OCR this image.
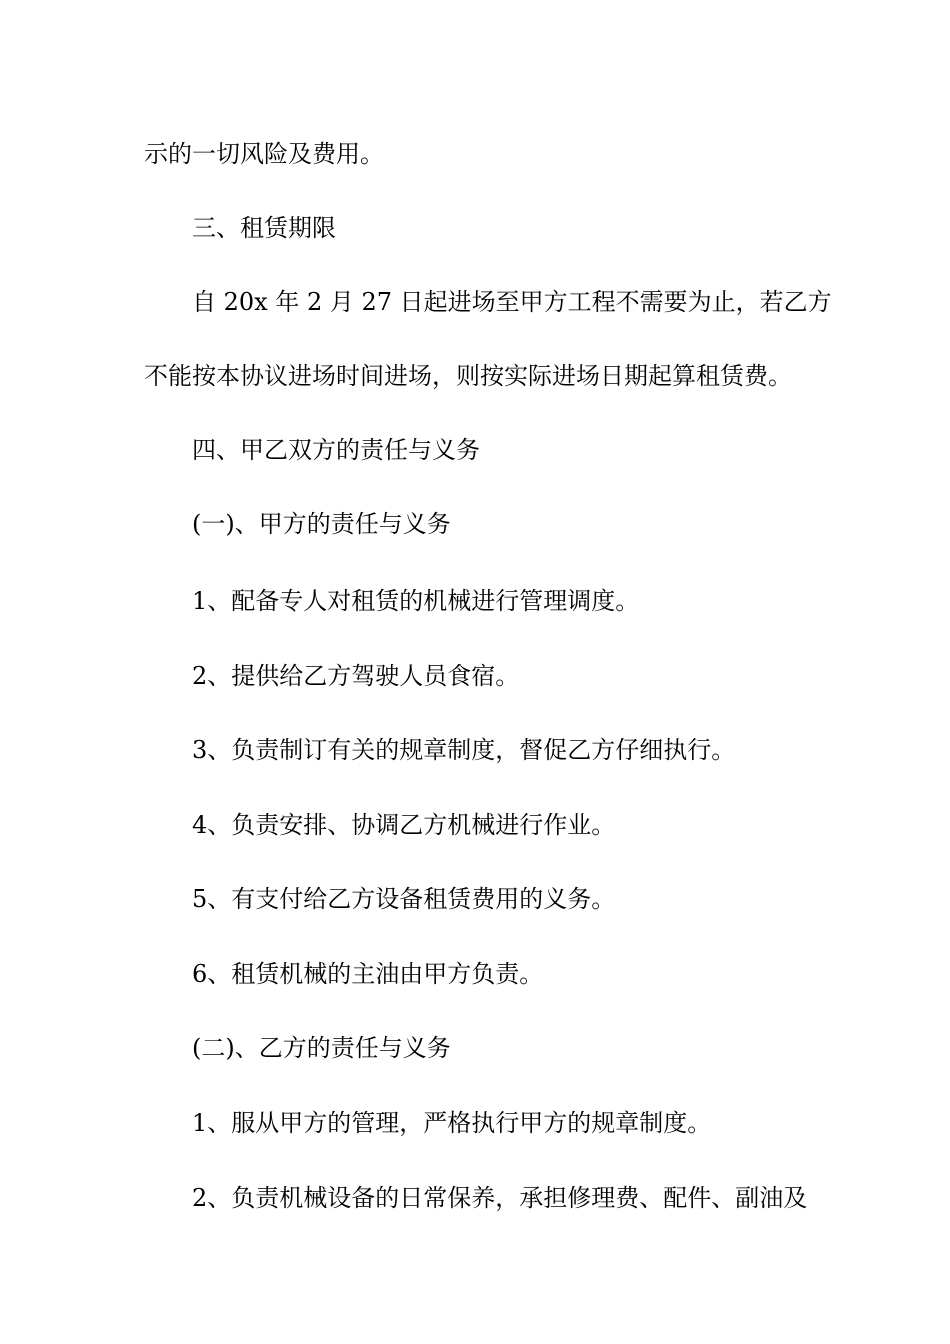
示的一切风险及费用。
三、租赁期限
自 20x 年 2 月 27 日起进场至甲方工程不需要为止，若乙方
不能按本协议进场时间进场，则按实际进场日期起算租赁费。
四、甲乙双方的责任与义务
(一)、甲方的责任与义务
1、配备专人对租赁的机械进行管理调度。
2、提供给乙方驾驶人员食宿。
3、负责制订有关的规章制度，督促乙方仔细执行。
4、负责安排、协调乙方机械进行作业。
5、有支付给乙方设备租赁费用的义务。
6、租赁机械的主油由甲方负责。
(二)、乙方的责任与义务
1、服从甲方的管理，严格执行甲方的规章制度。
2、负责机械设备的日常保养，承担修理费、配件、副油及
